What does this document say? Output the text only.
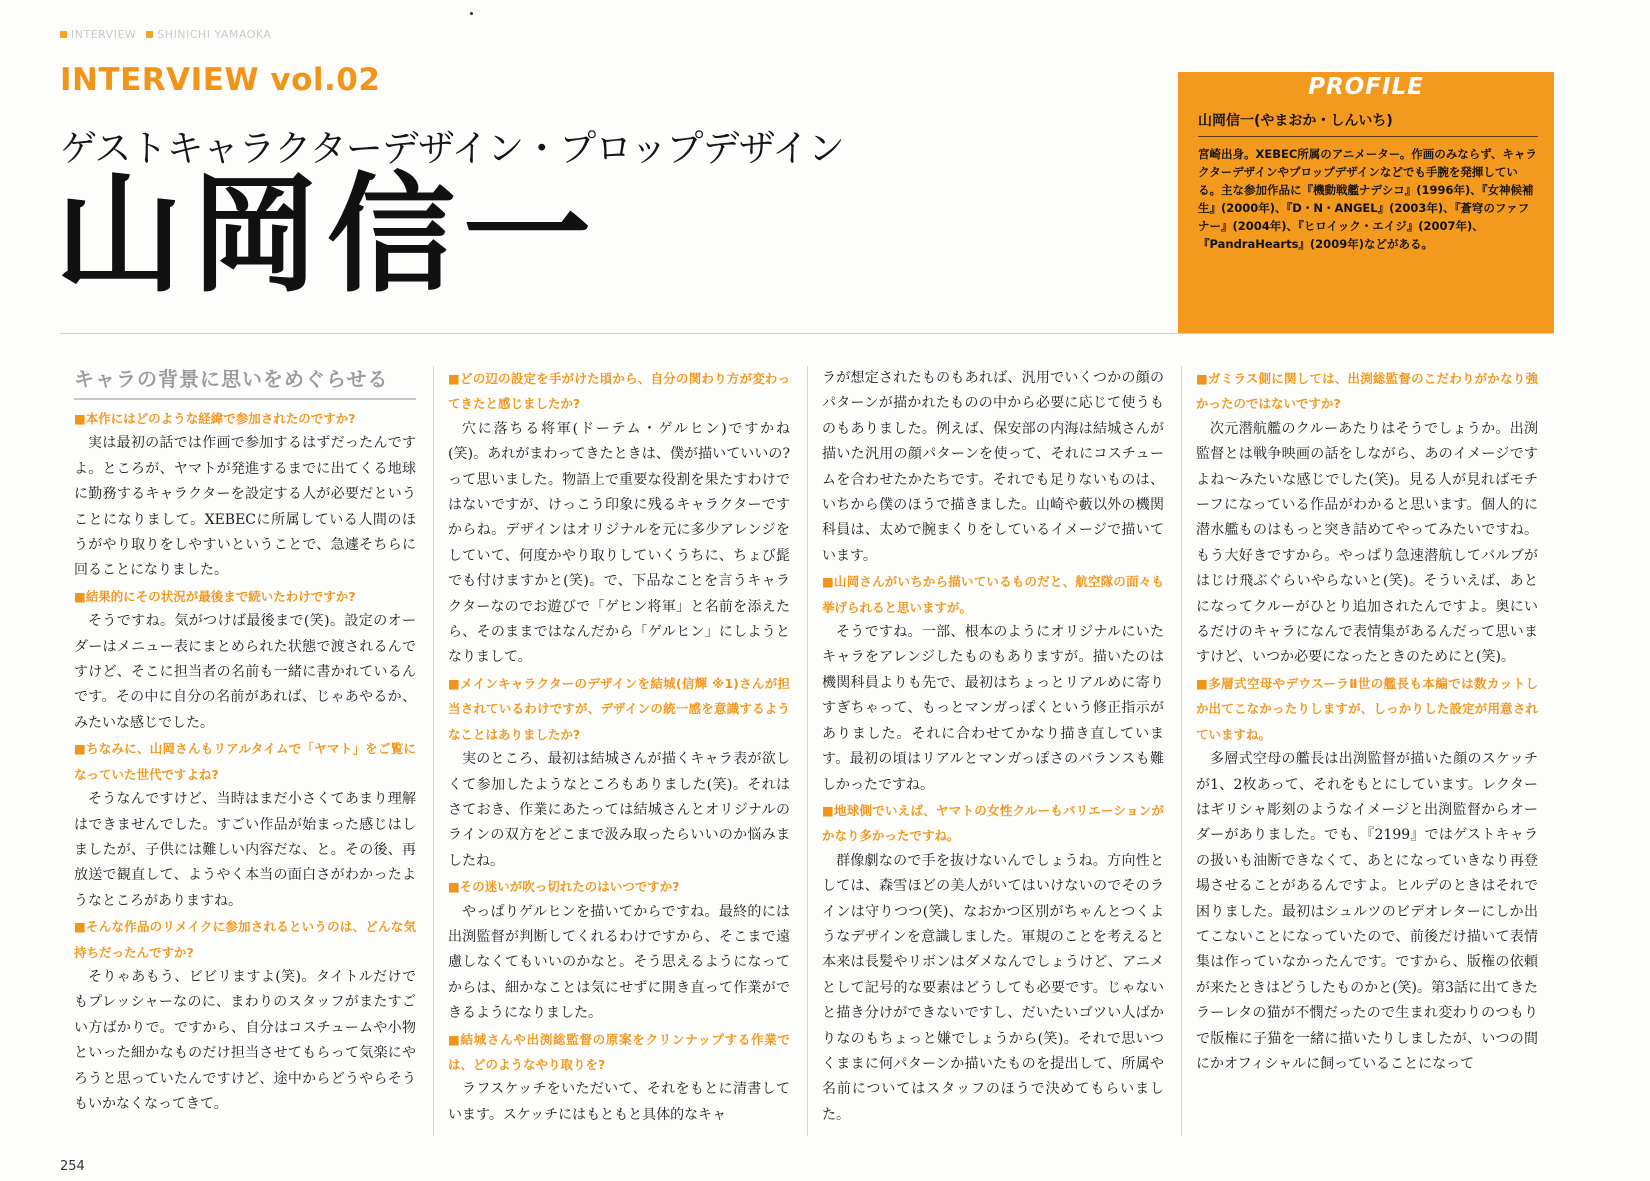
INTERVIEW SHINICHI YAMAOKA
INTERVIEW vol.02
ゲストキャラクターデザイン・プロップデザイン
山岡信一
PROFILE
山岡信一(やまおか・しんいち)
宮崎出身。XEBEC所属のアニメーター。作画のみならず、キャラクターデザインやプロップデザインなどでも手腕を発揮している。主な参加作品に『機動戦艦ナデシコ』(1996年)、『女神候補生』(2000年)、『D・N・ANGEL』(2003年)、『蒼穹のファフナー』(2004年)、『ヒロイック・エイジ』(2007年)、『PandraHearts』(2009年)などがある。
キャラの背景に思いをめぐらせる

■本作にはどのような経緯で参加されたのですか?

実は最初の話では作画で参加するはずだったんですよ。ところが、ヤマトが発進するまでに出てくる地球に勤務するキャラクターを設定する人が必要だということになりまして。XEBECに所属している人間のほうがやり取りをしやすいということで、急遽そちらに回ることになりました。

■結果的にその状況が最後まで続いたわけですか?

そうですね。気がつけば最後まで(笑)。設定のオーダーはメニュー表にまとめられた状態で渡されるんですけど、そこに担当者の名前も一緒に書かれているんです。その中に自分の名前があれば、じゃあやるか、みたいな感じでした。

■ちなみに、山岡さんもリアルタイムで「ヤマト」をご覧になっていた世代ですよね?

そうなんですけど、当時はまだ小さくてあまり理解はできませんでした。すごい作品が始まった感じはしましたが、子供には難しい内容だな、と。その後、再放送で観直して、ようやく本当の面白さがわかったようなところがありますね。

■そんな作品のリメイクに参加されるというのは、どんな気持ちだったんですか?

そりゃあもう、ビビリますよ(笑)。タイトルだけでもプレッシャーなのに、まわりのスタッフがまたすごい方ばかりで。ですから、自分はコスチュームや小物といった細かなものだけ担当させてもらって気楽にやろうと思っていたんですけど、途中からどうやらそうもいかなくなってきて。

■どの辺の設定を手がけた頃から、自分の関わり方が変わってきたと感じましたか?

穴に落ちる将軍(ドーテム・ゲルヒン)ですかね(笑)。あれがまわってきたときは、僕が描いていいの?って思いました。物語上で重要な役割を果たすわけではないですが、けっこう印象に残るキャラクターですからね。デザインはオリジナルを元に多少アレンジをしていて、何度かやり取りしていくうちに、ちょび髭でも付けますかと(笑)。で、下品なことを言うキャラクターなのでお遊びで「ゲヒン将軍」と名前を添えたら、そのままではなんだから「ゲルヒン」にしようとなりまして。

■メインキャラクターのデザインを結城(信輝 ※1)さんが担当されているわけですが、デザインの統一感を意識するようなことはありましたか?

実のところ、最初は結城さんが描くキャラ表が欲しくて参加したようなところもありました(笑)。それはさておき、作業にあたっては結城さんとオリジナルのラインの双方をどこまで汲み取ったらいいのか悩みましたね。

■その迷いが吹っ切れたのはいつですか?

やっぱりゲルヒンを描いてからですね。最終的には出渕監督が判断してくれるわけですから、そこまで遠慮しなくてもいいのかなと。そう思えるようになってからは、細かなことは気にせずに開き直って作業ができるようになりました。

■結城さんや出渕総監督の原案をクリンナップする作業では、どのようなやり取りを?

ラフスケッチをいただいて、それをもとに清書しています。スケッチにはもともと具体的なキャ

ラが想定されたものもあれば、汎用でいくつかの顔のパターンが描かれたものの中から必要に応じて使うものもありました。例えば、保安部の内海は結城さんが描いた汎用の顔パターンを使って、それにコスチュームを合わせたかたちです。それでも足りないものは、いちから僕のほうで描きました。山崎や藪以外の機関科員は、太めで腕まくりをしているイメージで描いています。

■山岡さんがいちから描いているものだと、航空隊の面々も挙げられると思いますが。

そうですね。一部、根本のようにオリジナルにいたキャラをアレンジしたものもありますが。描いたのは機関科員よりも先で、最初はちょっとリアルめに寄りすぎちゃって、もっとマンガっぽくという修正指示がありました。それに合わせてかなり描き直しています。最初の頃はリアルとマンガっぽさのバランスも難しかったですね。

■地球側でいえば、ヤマトの女性クルーもバリエーションがかなり多かったですね。

群像劇なので手を抜けないんでしょうね。方向性としては、森雪ほどの美人がいてはいけないのでそのラインは守りつつ(笑)、なおかつ区別がちゃんとつくようなデザインを意識しました。軍規のことを考えると本来は長髪やリボンはダメなんでしょうけど、アニメとして記号的な要素はどうしても必要です。じゃないと描き分けができないですし、だいたいゴツい人ばかりなのもちょっと嫌でしょうから(笑)。それで思いつくままに何パターンか描いたものを提出して、所属や名前についてはスタッフのほうで決めてもらいました。

■ガミラス側に関しては、出渕総監督のこだわりがかなり強かったのではないですか?

次元潜航艦のクルーあたりはそうでしょうか。出渕監督とは戦争映画の話をしながら、あのイメージですよね〜みたいな感じでした(笑)。見る人が見ればモチーフになっている作品がわかると思います。個人的に潜水艦ものはもっと突き詰めてやってみたいですね。もう大好きですから。やっぱり急速潜航してバルブがはじけ飛ぶぐらいやらないと(笑)。そういえば、あとになってクルーがひとり追加されたんですよ。奥にいるだけのキャラになんで表情集があるんだって思いますけど、いつか必要になったときのためにと(笑)。

■多層式空母やデウスーラⅡ世の艦長も本編では数カットしか出てこなかったりしますが、しっかりした設定が用意されていますね。

多層式空母の艦長は出渕監督が描いた顔のスケッチが1、2枚あって、それをもとにしています。レクターはギリシャ彫刻のようなイメージと出渕監督からオーダーがありました。でも、『2199』ではゲストキャラの扱いも油断できなくて、あとになっていきなり再登場させることがあるんですよ。ヒルデのときはそれで困りました。最初はシュルツのビデオレターにしか出てこないことになっていたので、前後だけ描いて表情集は作っていなかったんです。ですから、版権の依頼が来たときはどうしたものかと(笑)。第3話に出てきたラーレタの猫が不憫だったので生まれ変わりのつもりで版権に子猫を一緒に描いたりしましたが、いつの間にかオフィシャルに飼っていることになって

254
